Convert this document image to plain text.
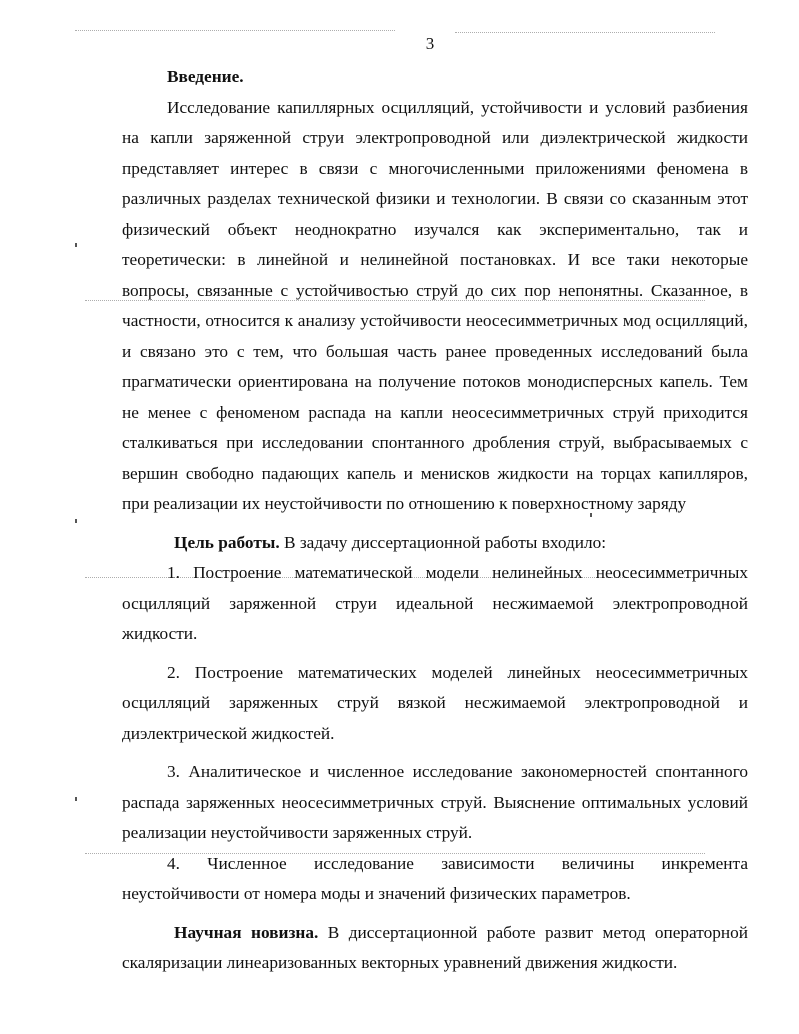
3

Введение.

Исследование капиллярных осцилляций, устойчивости и условий разбиения на капли заряженной струи электропроводной или диэлектрической жидкости представляет интерес в связи с многочисленными приложениями феномена в различных разделах технической физики и технологии. В связи со сказанным этот физический объект неоднократно изучался как экспериментально, так и теоретически: в линейной и нелинейной постановках. И все таки некоторые вопросы, связанные с устойчивостью струй до сих пор непонятны. Сказанное, в частности, относится к анализу устойчивости неосесимметричных мод осцилляций, и связано это с тем, что большая часть ранее проведенных исследований была прагматически ориентирована на получение потоков монодисперсных капель. Тем не менее с феноменом распада на капли неосесимметричных струй приходится сталкиваться при исследовании спонтанного дробления струй, выбрасываемых с вершин свободно падающих капель и менисков жидкости на торцах капилляров, при реализации их неустойчивости по отношению к поверхностному заряду

Цель работы. В задачу диссертационной работы входило:

1. Построение математической модели нелинейных неосесимметричных осцилляций заряженной струи идеальной несжимаемой электропроводной жидкости.

2. Построение математических моделей линейных неосесимметричных осцилляций заряженных струй вязкой несжимаемой электропроводной и диэлектрической жидкостей.

3. Аналитическое и численное исследование закономерностей спонтанного распада заряженных неосесимметричных струй. Выяснение оптимальных условий реализации неустойчивости заряженных струй.

4. Численное исследование зависимости величины инкремента неустойчивости от номера моды и значений физических параметров.

Научная новизна. В диссертационной работе развит метод операторной скаляризации линеаризованных векторных уравнений движения жидкости.
